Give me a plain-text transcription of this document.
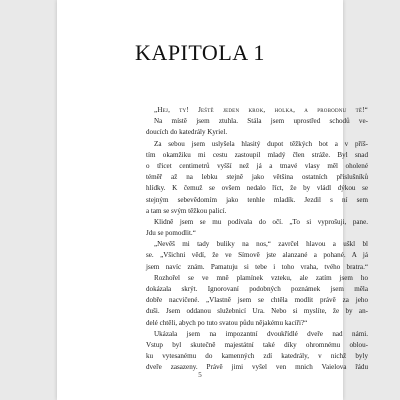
KAPITOLA 1
„Hej, ty! Ještě jeden krok, holka, a probodnu tě!“
Na místě jsem ztuhla. Stála jsem uprostřed schodů ve-
doucích do katedrály Kyriel.
Za sebou jsem uslyšela hlasitý dupot těžkých bot a v příš-
tím okamžiku mi cestu zastoupil mladý člen stráže. Byl snad
o třicet centimetrů vyšší než já a tmavé vlasy měl oholené
téměř až na lebku stejně jako většina ostatních příslušníků
hlídky. K čemuž se ovšem nedalo říct, že by vládl dýkou se
stejným sebevědomím jako tenhle mladík. Jezdil s ní sem
a tam se svým těžkou palicí.
Klidně jsem se mu podívala do očí. „To si vyprošuji, pane.
Jdu se pomodlit.“
„Nevěš mi tady buliky na nos,“ zavrčel hlavou a uškl bl
se. „Všichni vědí, že ve Símově jste alanzané a pohané. A já
jsem navíc znám. Pamatuju si tebe i toho vraha, tvého bratra.“
Rozhořel se ve mně plamínek vzteku, ale zatím jsem ho
dokázala skrýt. Ignorovaní podobných poznámek jsem měla
dobře nacvičené. „Vlastně jsem se chtěla modlit právě za jeho
duši. Jsem oddanou služebnicí Ura. Nebo si myslíte, že by an-
delé chtěli, abych po tuto svatou půdu nějakému kacíři?“
Ukázala jsem na impozantní dvoukřídlé dveře nad námi.
Vstup byl skutečně majestátní také díky ohromnému oblou-
ku vytesanému do kamenných zdí katedrály, v nichž byly
dveře zasazeny. Právě jimi vyšel ven mnich Vaielova řádu
5
